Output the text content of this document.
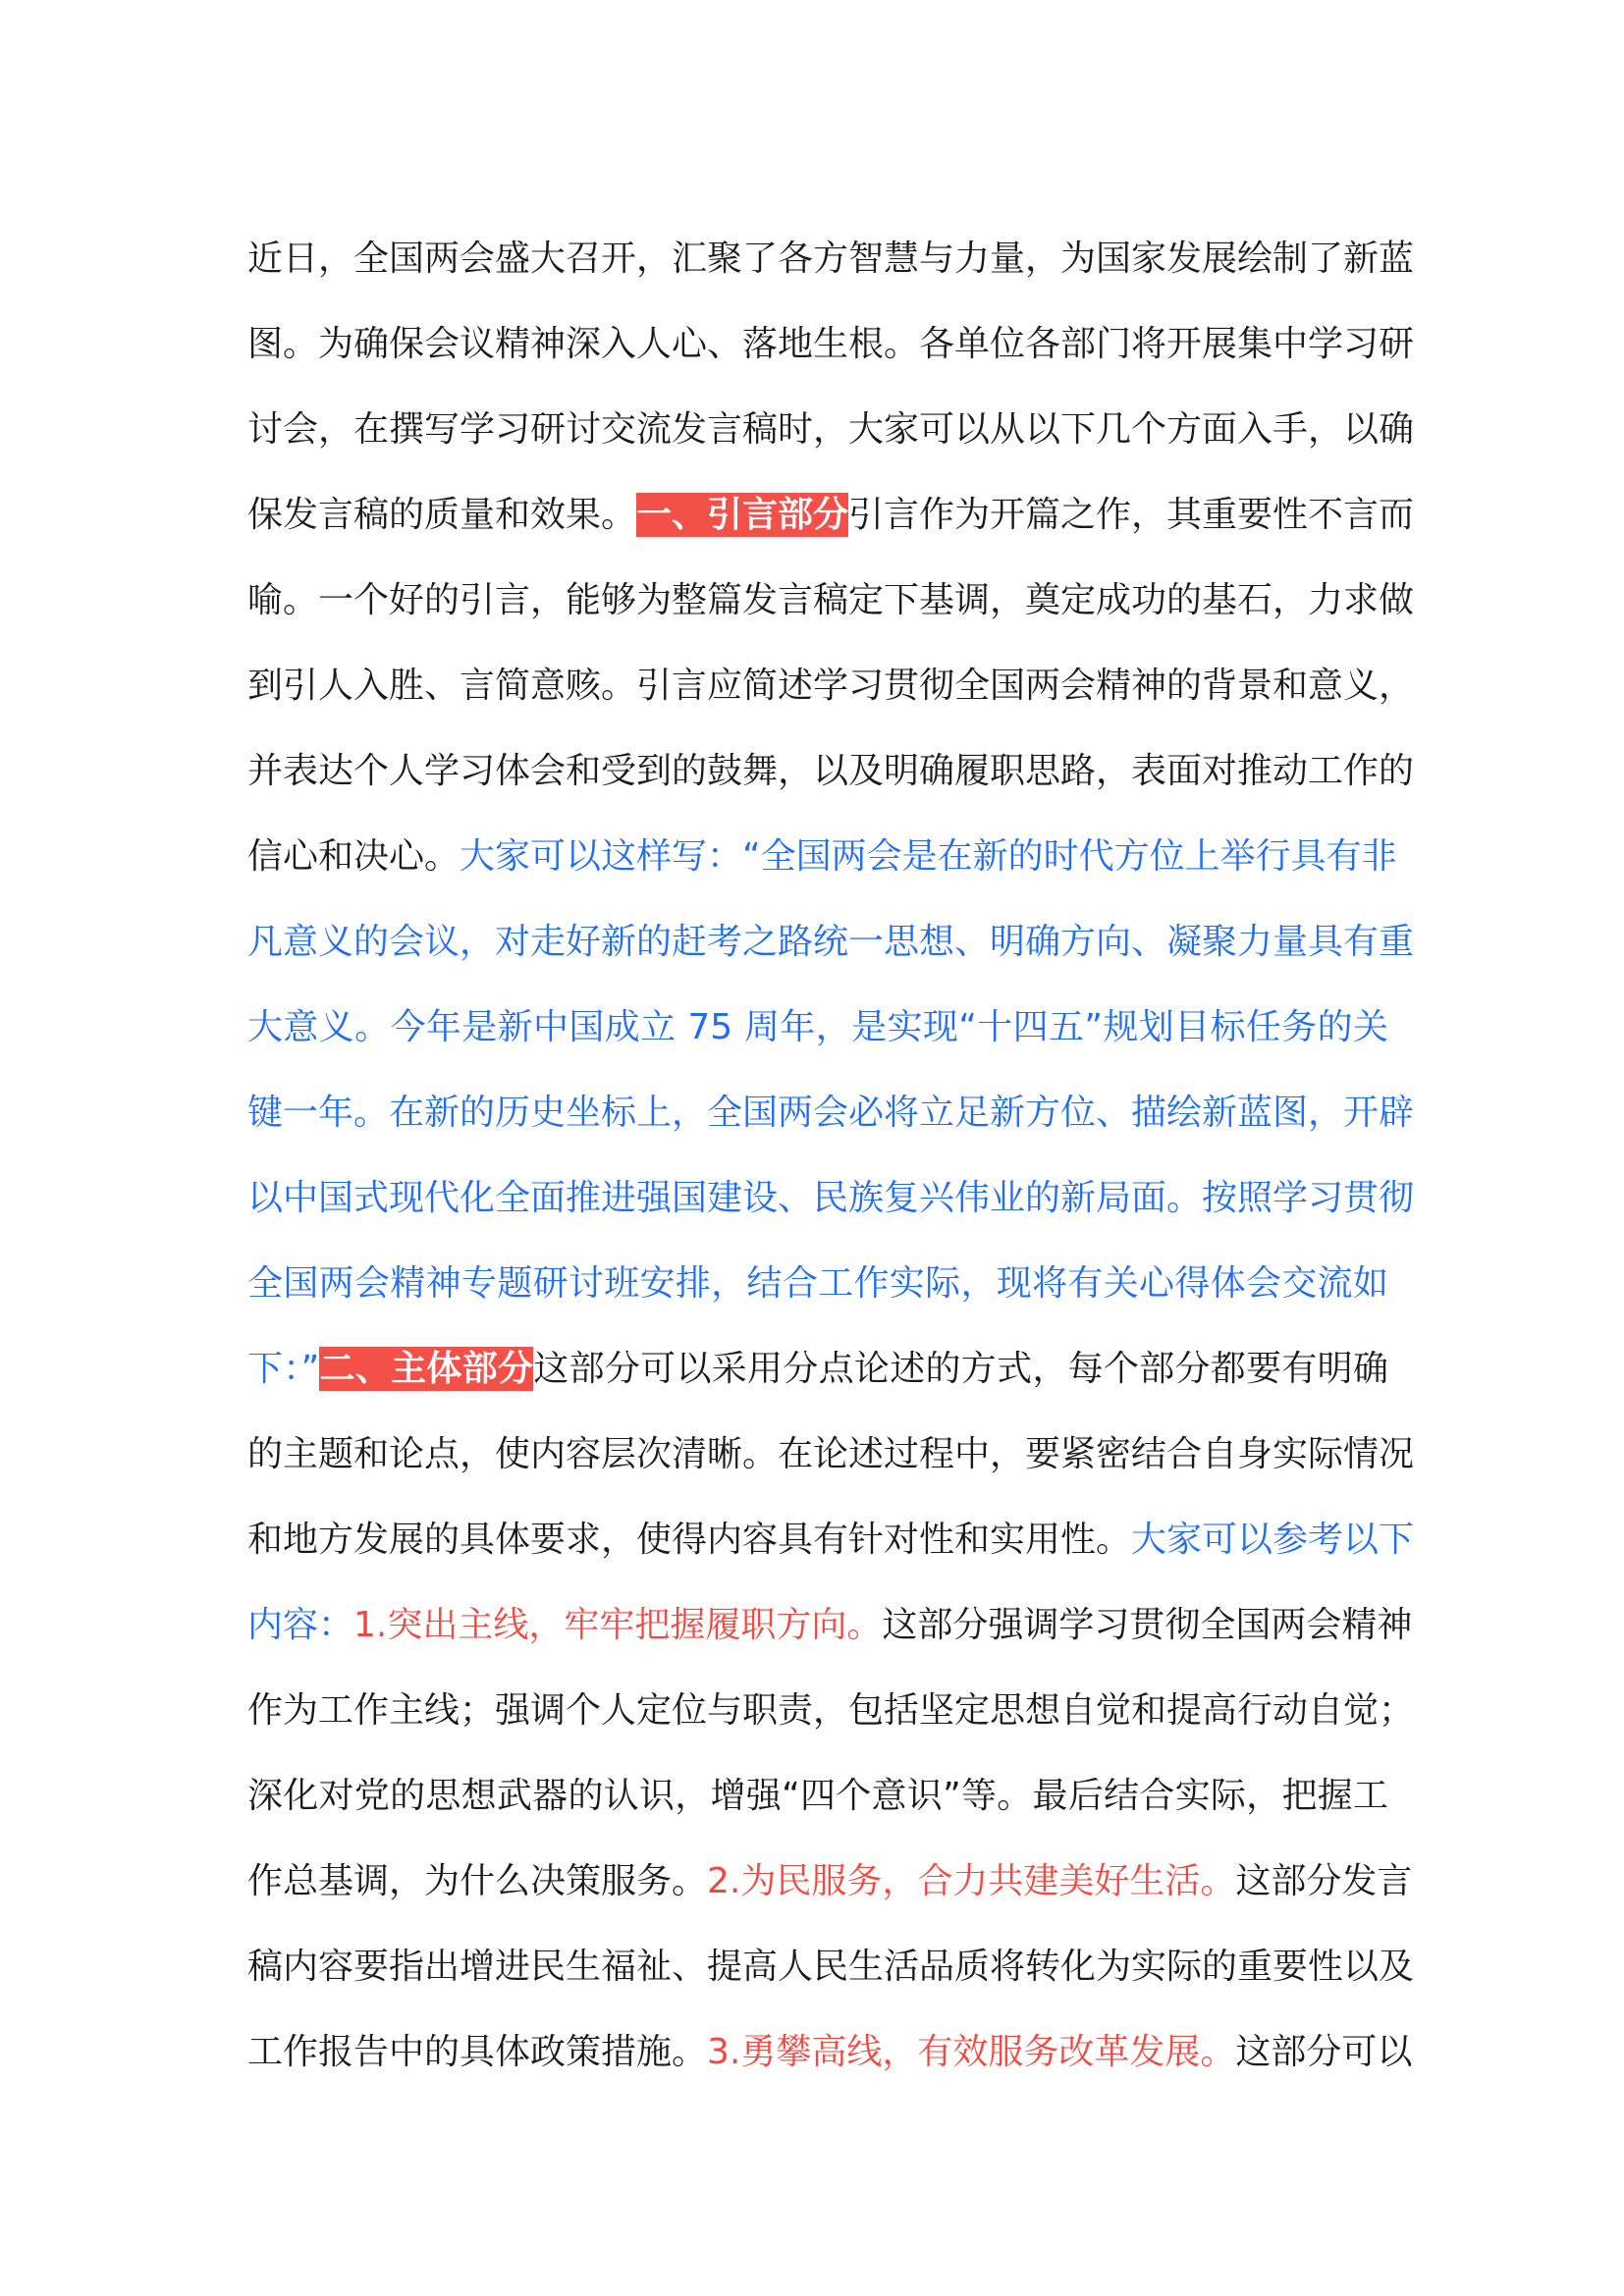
近日，全国两会盛大召开，汇聚了各方智慧与力量，为国家发展绘制了新蓝
图。为确保会议精神深入人心、落地生根。各单位各部门将开展集中学习研
讨会，在撰写学习研讨交流发言稿时，大家可以从以下几个方面入手，以确
保发言稿的质量和效果。一、引言部分引言作为开篇之作，其重要性不言而
喻。一个好的引言，能够为整篇发言稿定下基调，奠定成功的基石，力求做
到引人入胜、言简意赅。引言应简述学习贯彻全国两会精神的背景和意义，
并表达个人学习体会和受到的鼓舞，以及明确履职思路，表面对推动工作的
信心和决心。大家可以这样写：“全国两会是在新的时代方位上举行具有非
凡意义的会议，对走好新的赶考之路统一思想、明确方向、凝聚力量具有重
大意义。今年是新中国成立 75 周年，是实现“十四五”规划目标任务的关
键一年。在新的历史坐标上，全国两会必将立足新方位、描绘新蓝图，开辟
以中国式现代化全面推进强国建设、民族复兴伟业的新局面。按照学习贯彻
全国两会精神专题研讨班安排，结合工作实际，现将有关心得体会交流如
下：”二、主体部分这部分可以采用分点论述的方式，每个部分都要有明确
的主题和论点，使内容层次清晰。在论述过程中，要紧密结合自身实际情况
和地方发展的具体要求，使得内容具有针对性和实用性。大家可以参考以下
内容：1.突出主线，牢牢把握履职方向。这部分强调学习贯彻全国两会精神
作为工作主线；强调个人定位与职责，包括坚定思想自觉和提高行动自觉；
深化对党的思想武器的认识，增强“四个意识”等。最后结合实际，把握工
作总基调，为什么决策服务。2.为民服务，合力共建美好生活。这部分发言
稿内容要指出增进民生福祉、提高人民生活品质将转化为实际的重要性以及
工作报告中的具体政策措施。3.勇攀高线，有效服务改革发展。这部分可以
